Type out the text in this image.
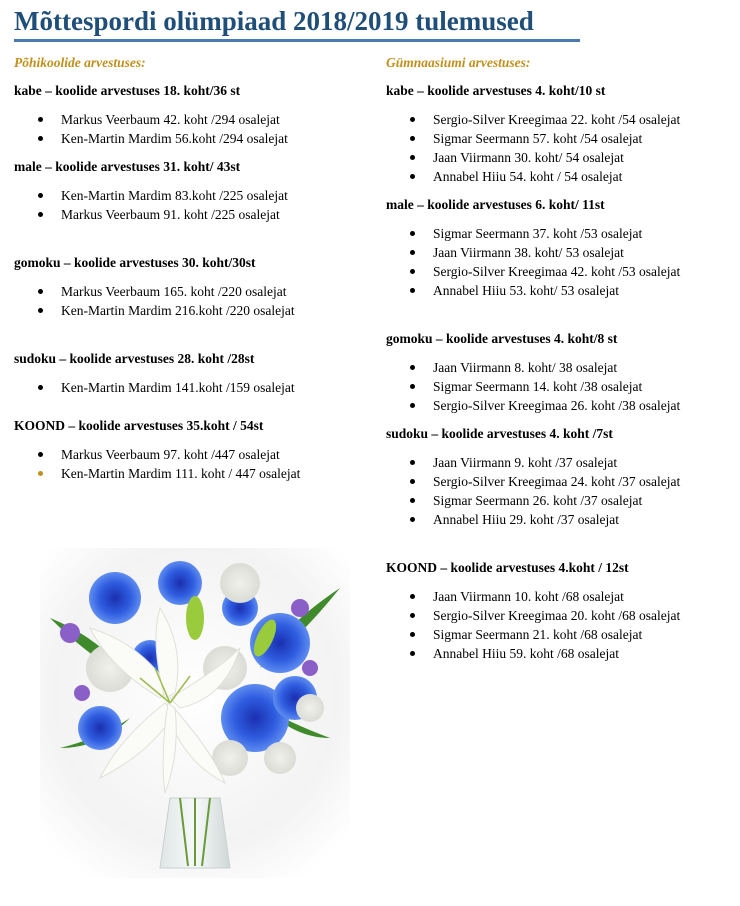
Mõttespordi olümpiaad 2018/2019 tulemused
Põhikoolide arvestuses:
kabe – koolide arvestuses 18. koht/36 st
Markus Veerbaum 42. koht /294 osalejat
Ken-Martin Mardim 56.koht /294 osalejat
male – koolide arvestuses 31. koht/ 43st
Ken-Martin Mardim 83.koht /225 osalejat
Markus Veerbaum 91. koht /225 osalejat
gomoku – koolide arvestuses 30. koht/30st
Markus Veerbaum 165. koht /220 osalejat
Ken-Martin Mardim 216.koht /220 osalejat
sudoku – koolide arvestuses 28. koht /28st
Ken-Martin Mardim 141.koht /159 osalejat
KOOND – koolide arvestuses 35.koht / 54st
Markus Veerbaum 97. koht /447 osalejat
Ken-Martin Mardim 111. koht / 447 osalejat
Gümnaasiumi arvestuses:
kabe – koolide arvestuses 4. koht/10 st
Sergio-Silver Kreegimaa 22. koht /54 osalejat
Sigmar Seermann 57. koht /54 osalejat
Jaan Viirmann 30. koht/ 54 osalejat
Annabel Hiiu 54. koht / 54 osalejat
male – koolide arvestuses 6. koht/ 11st
Sigmar Seermann 37. koht /53 osalejat
Jaan Viirmann 38. koht/ 53 osalejat
Sergio-Silver Kreegimaa 42. koht /53 osalejat
Annabel Hiiu 53. koht/ 53 osalejat
gomoku – koolide arvestuses 4. koht/8 st
Jaan Viirmann 8. koht/ 38 osalejat
Sigmar Seermann 14. koht /38 osalejat
Sergio-Silver Kreegimaa 26. koht /38 osalejat
sudoku – koolide arvestuses 4. koht /7st
Jaan Viirmann 9. koht /37 osalejat
Sergio-Silver Kreegimaa 24. koht /37 osalejat
Sigmar Seermann 26. koht /37 osalejat
Annabel Hiiu 29. koht /37 osalejat
KOOND – koolide arvestuses 4.koht / 12st
Jaan Viirmann 10. koht /68 osalejat
Sergio-Silver Kreegimaa 20. koht /68 osalejat
Sigmar Seermann 21. koht /68 osalejat
Annabel Hiiu 59. koht /68 osalejat
